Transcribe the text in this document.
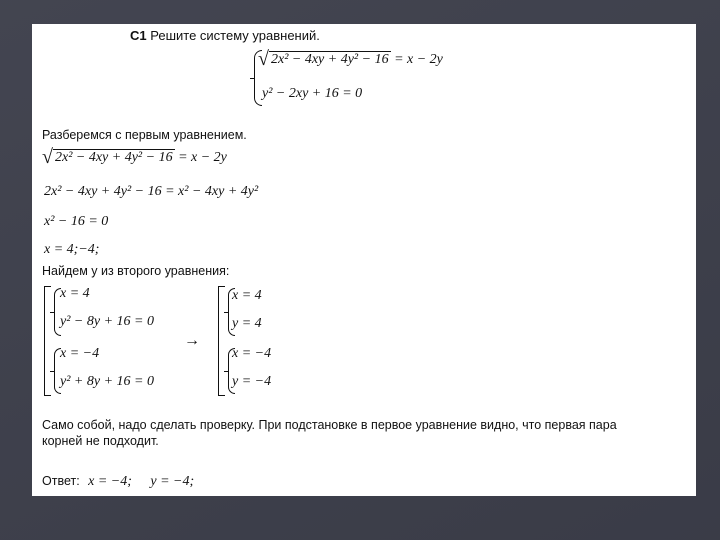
С1 Решите систему уравнений.
√ 2x² − 4xy + 4y² − 16 = x − 2y
y² − 2xy + 16 = 0
Разберемся с первым уравнением.
√ 2x² − 4xy + 4y² − 16 = x − 2y
2x² − 4xy + 4y² − 16 = x² − 4xy + 4y²
x² − 16 = 0
x = 4;−4;
Найдем у из второго уравнения:
x = 4
y² − 8y + 16 = 0
x = −4
y² + 8y + 16 = 0
→
x = 4
y = 4
x = −4
y = −4
Само собой, надо сделать проверку. При подстановке в первое уравнение видно, что первая пара
корней не подходит.
Ответ: x = −4; y = −4;
